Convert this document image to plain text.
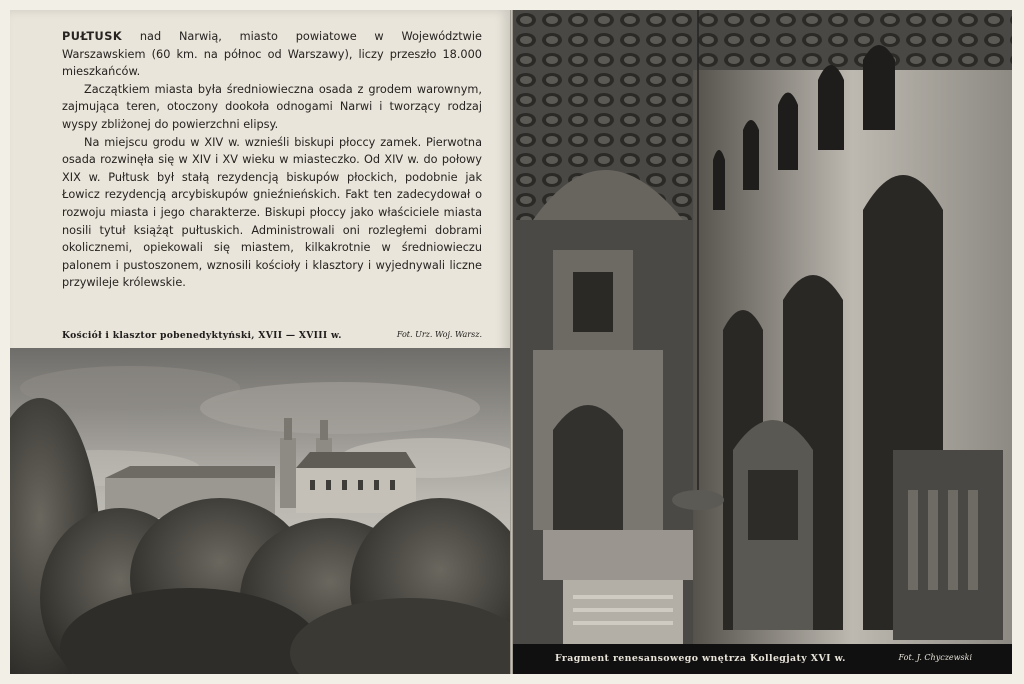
PUŁTUSK nad Narwią, miasto powiatowe w Województwie Warszawskiem (60 km. na północ od Warszawy), liczy przeszło 18.000 mieszkańców.

Zaczątkiem miasta była średniowieczna osada z grodem warownym, zajmująca teren, otoczony dookoła odnogami Narwi i tworzący rodzaj wyspy zbliżonej do powierzchni elipsy.

Na miejscu grodu w XIV w. wznieśli biskupi płoccy zamek. Pierwotna osada rozwinęła się w XIV i XV wieku w miasteczko. Od XIV w. do połowy XIX w. Pułtusk był stałą rezydencją biskupów płockich, podobnie jak Łowicz rezydencją arcybiskupów gnieźnieńskich. Fakt ten zadecydował o rozwoju miasta i jego charakterze. Biskupi płoccy jako właściciele miasta nosili tytuł książąt pułtuskich. Administrowali oni rozległemi dobrami okolicznemi, opiekowali się miastem, kilkakrotnie w średniowieczu palonem i pustoszonem, wznosili kościoły i klasztory i wyjednywali liczne przywileje królewskie.

Kościół i klasztor pobenedyktyński, XVII — XVIII w.	Fot. Urz. Woj. Warsz.
Fragment renesansowego wnętrza Kollegjaty XVI w.	Fot. J. Chyczewski
